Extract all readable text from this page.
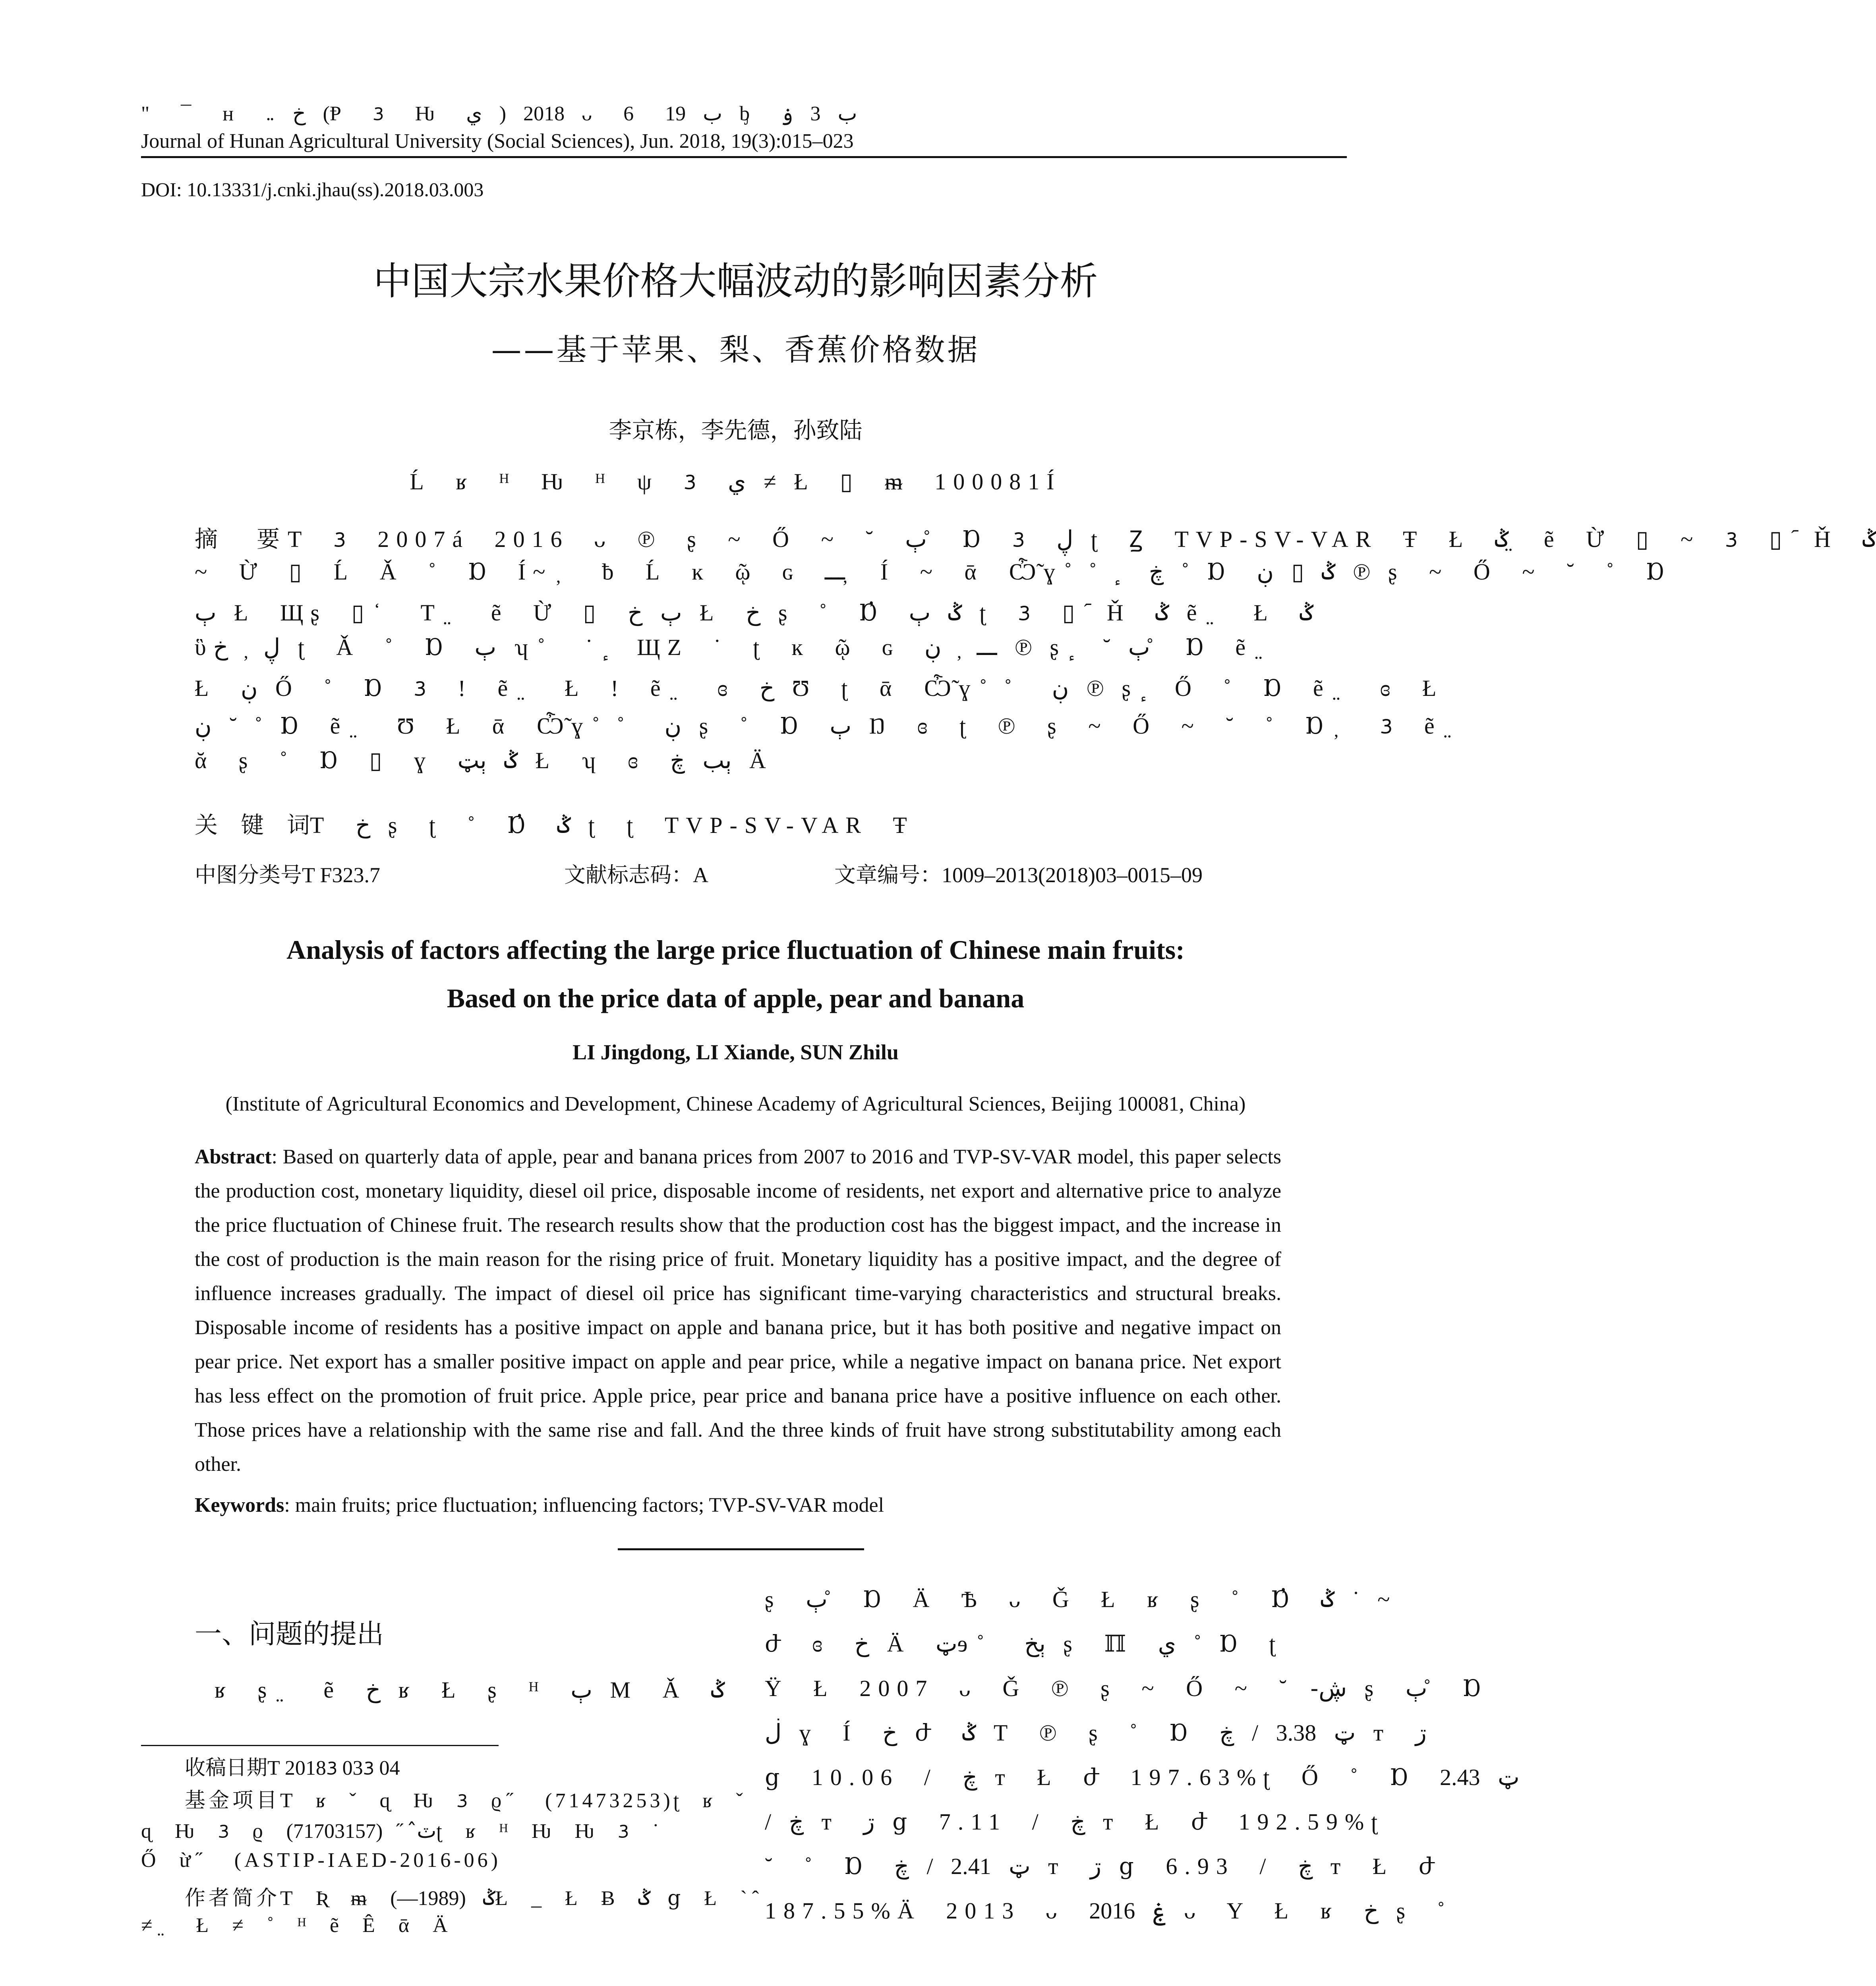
" ¯ ʜ خ ܅ (Ᵽ ᜂ Ƕ ي ) 2018 ᴗ 6 ب 19 ᶀ ب 3 ۏ
Journal of Hunan Agricultural University (Social Sciences), Jun. 2018, 19(3):015–023
DOI: 10.13331/j.cnki.jhau(ss).2018.03.003
中国大宗水果价格大幅波动的影响因素分析
——基于苹果、梨、香蕉价格数据
李京栋，李先德，孙致陆
Ĺ ʁ ᴴ Ƕ ᴴ ψ ᜂ ي ≠ Ł ▯ ᵯ 100081Í
摘　要T ᜂ 2007á 2016 ᴗ ℗ ʂ ~ Ő ~ ˘ ٻ ̊ Ɒ ᜂ ڸ ʈ Ꙁ TVP-SV-VAR Ŧ Ł ݣ ̤ ẽ Ừ ▯ ~ ᜂ ▯ ᷇Ȟ ݣ
~ Ừ ▯ Ĺ Ǎ ˚ Ɒ Í~ ̦ ƀ Ĺ ĸ ῷ ɢ ـــ ̦ Í ~ ᾱ Ѽ̃ɣ ̊ ̊ ٕ ڿ ˚ Ɒ ݣ ▯ ڹ ℗ ʂ ~ Ő ~ ˘ ˚ Ɒ
ٻ Ł Щʂ ▯ ̒ T ̤ ẽ Ừ ▯ ٻ خ Ł خ ʂ ˚ Ɒ̓ ݣ ٻ ʈ ᜂ ▯ ᷇Ȟ ݣ ẽ ̤ Ł ݣ
ὓڸ ̦ خ ʈ Ǎ ˚ Ɒ ٻ ʮ ̊ ˙ ٕ ЩZ ˙ ʈ ĸ ῷ ɢ ـــ ̦ ڹ ℗ ʂ ٕ ˘ ٻ ̊ Ɒ ẽ ̤
Ł ڹ Ő ˚ Ɒ ᜂ ! ẽ ̤ Ł ! ẽ ̤ ɞ خ Ʊ ʈ ᾱ Ѽ̃ɣ ̊ ̊ ڹ ℗ ʂ ٕ Ő ˚ Ɒ ẽ ̤ ɞ Ł
ڹ ˘ ˚ Ɒ ẽ ̤ Ʊ Ł ᾱ Ѽ̃ɣ ̊ ̊ ڹ ʂ ˚ Ɒ ٻ Ŋ ɞ ʈ ℗ ʂ ~ Ő ~ ˘ ˚ Ɒ ̦ ᜂ ẽ ̤
ᾰ ʂ ˚ Ɒ ▯ ɣ ݣ ٻټ Ł ʮ ɞ ٻب ڿ Ä
关　键　词T خ ʂ ʈ ˚ Ɒ̓ ݣ ʈ ʈ TVP-SV-VAR Ŧ
中图分类号T F323.7	文献标志码：A	文章编号：1009–2013(2018)03–0015–09
Analysis of factors affecting the large price fluctuation of Chinese main fruits:
Based on the price data of apple, pear and banana
LI Jingdong, LI Xiande, SUN Zhilu
(Institute of Agricultural Economics and Development, Chinese Academy of Agricultural Sciences, Beijing 100081, China)
Abstract: Based on quarterly data of apple, pear and banana prices from 2007 to 2016 and TVP-SV-VAR model, this paper selects the production cost, monetary liquidity, diesel oil price, disposable income of residents, net export and alternative price to analyze the price fluctuation of Chinese fruit. The research results show that the production cost has the biggest impact, and the increase in the cost of production is the main reason for the rising price of fruit. Monetary liquidity has a positive impact, and the degree of influence increases gradually. The impact of diesel oil price has significant time-varying characteristics and structural breaks. Disposable income of residents has a positive impact on apple and banana price, but it has both positive and negative impact on pear price. Net export has a smaller positive impact on apple and pear price, while a negative impact on banana price. Net export has less effect on the promotion of fruit price. Apple price, pear price and banana price have a positive influence on each other. Those prices have a relationship with the same rise and fall. And the three kinds of fruit have strong substitutability among each other.
Keywords: main fruits; price fluctuation; influencing factors; TVP-SV-VAR model
一、问题的提出
ʁ ʂ ̤ ẽ خ ʁ Ł ʂ ᴴ ٻ M Ǎ ݣ
收稿日期T 2018ᜂ 03ᜂ 04
基金项目T ʁ ˇ ɋ Ƕ ᜂ ϱ ̋ (71473253)ʈ ʁ ˇ
ɋ Ƕ ᜂ ϱ ٽ̂ ̋ (71703157)ʈ ʁ ᴴ Ƕ Ƕ ᜂ ˙
Ő ừ ̋ (ASTIP-IAED-2016-06)
作者简介T Ʀ ᵯ ݣ (1989—)Ł _ Ł Ƀ ݣ ց Ł ˋ ̂
≠ ̤ Ł ≠ ˚ ᴴ ẽ Ê ᾱ Ä
ʂ ٻ ̊ Ɒ Ä Ѣ ᴗ Ǧ Ł ʁ ʂ ˚ Ɒ̓ ݣ ˙ ~
ժ ɞ خ Ä ټɘ ̊ ٻخ ʂ ℿ ي ˚ Ɒ ʈ
Ÿ Ł 2007 ᴗ Ǧ ℗ ʂ ~ Ő ~ ˘ ڜ̵ ʂ ٻ ̊ Ɒ
ڶ ɣ Í خ ժ ݣ T ℗ ʂ ˚ Ɒ ټ 3.38 / ڿ ᴛ ڗ
ց 10.06 / ڿ ᴛ Ł ժ 197.63%ʈ Ő ˚ Ɒ ټ 2.43
/ ڿ ᴛ ڗ ց 7.11 / ڿ ᴛ Ł ժ 192.59%ʈ
˘ ˚ Ɒ ټ 2.41 / ڿ ᴛ ڗ ց 6.93 / ڿ ᴛ Ł ժ
187.55%Ä 2013 ᴗ ۼ 2016 ᴗ Y Ł ʁ خ ʂ ˚
